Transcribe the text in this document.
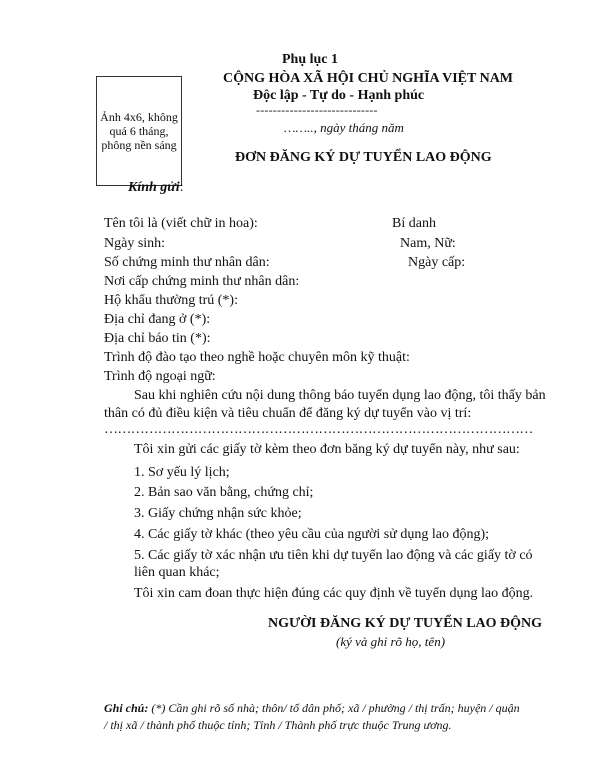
Phụ lục 1
CỘNG HÒA XÃ HỘI CHỦ NGHĨA VIỆT NAM
Độc lập - Tự do - Hạnh phúc
-----------------------------
…….., ngày tháng năm
Ảnh 4x6, không quá 6 tháng, phông nền sáng
ĐƠN ĐĂNG KÝ DỰ TUYỂN LAO ĐỘNG
Kính gửi:
Tên tôi là (viết chữ in hoa):	Bí danh
Ngày sinh:	Nam, Nữ:
Số chứng minh thư nhân dân:	Ngày cấp:
Nơi cấp chứng minh thư nhân dân:
Hộ khẩu thường trú (*):
Địa chỉ đang ở (*):
Địa chỉ báo tin (*):
Trình độ đào tạo theo nghề hoặc chuyên môn kỹ thuật:
Trình độ ngoại ngữ:
Sau khi nghiên cứu nội dung thông báo tuyển dụng lao động, tôi thấy bản
thân có đủ điều kiện và tiêu chuẩn để đăng ký dự tuyển vào vị trí:
……………………………………………………………………………………
Tôi xin gửi các giấy tờ kèm theo đơn băng ký dự tuyển này, như sau:
1. Sơ yếu lý lịch;
2. Bản sao văn bằng, chứng chỉ;
3. Giấy chứng nhận sức khỏe;
4. Các giấy tờ khác (theo yêu cầu của người sử dụng lao động);
5. Các giấy tờ xác nhận ưu tiên khi dự tuyển lao động và các giấy tờ có
liên quan khác;
Tôi xin cam đoan thực hiện đúng các quy định về tuyển dụng lao động.
NGƯỜI ĐĂNG KÝ DỰ TUYỂN LAO ĐỘNG
(ký và ghi rõ họ, tên)
Ghi chú: (*) Cần ghi rõ số nhà; thôn/ tổ dân phố; xã / phường / thị trấn; huyện / quận
/ thị xã / thành phố thuộc tỉnh; Tỉnh / Thành phố trực thuộc Trung ương.
